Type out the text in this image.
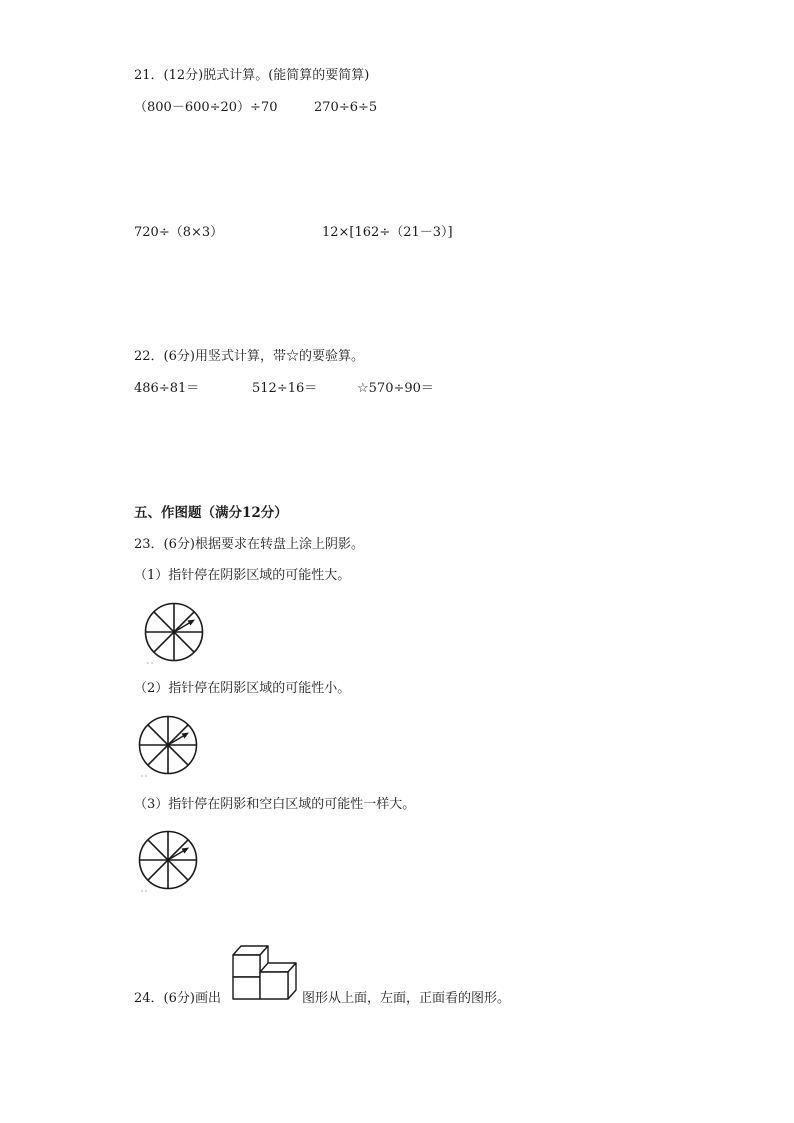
21．(12分)脱式计算。(能简算的要简算)
（800－600÷20）÷70	270÷6÷5
720÷（8×3）	12×[162÷（21－3）]
22．(6分)用竖式计算，带☆的要验算。
486÷81＝	512÷16＝	☆570÷90＝
五、作图题（满分12分）
23．(6分)根据要求在转盘上涂上阴影。
（1）指针停在阴影区域的可能性大。
（2）指针停在阴影区域的可能性小。
（3）指针停在阴影和空白区域的可能性一样大。
24．(6分)画出	图形从上面，左面，正面看的图形。
